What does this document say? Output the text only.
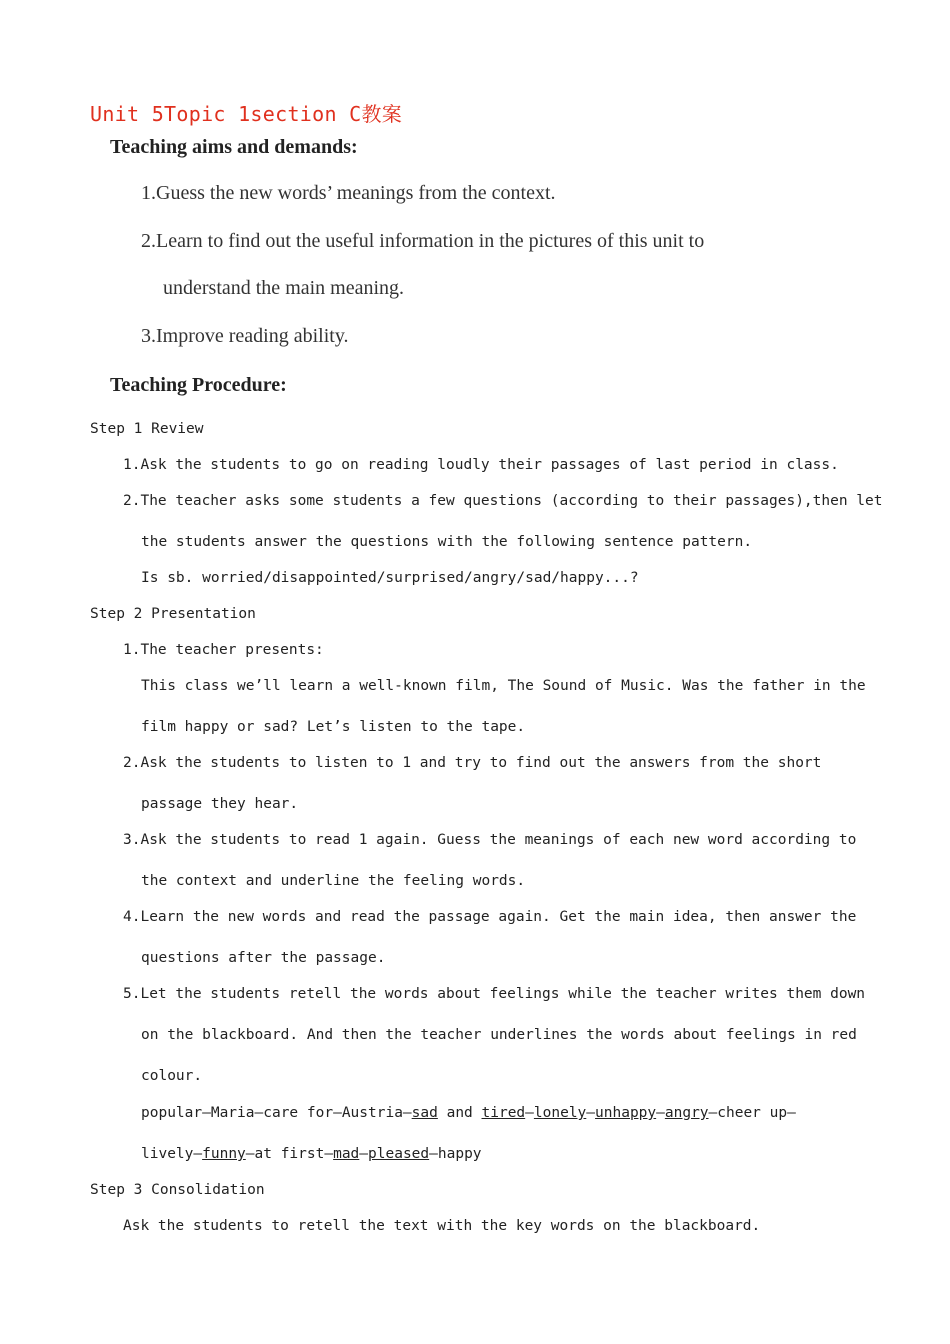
Unit 5Topic 1section C教案
Teaching aims and demands:
1.Guess the new words’ meanings from the context.
2.Learn to find out the useful information in the pictures of this unit to
understand the main meaning.
3.Improve reading ability.
Teaching Procedure:
Step 1 Review
1.Ask the students to go on reading loudly their passages of last period in class.
2.The teacher asks some students a few questions (according to their passages),then let
the students answer the questions with the following sentence pattern.
Is sb. worried/disappointed/surprised/angry/sad/happy...?
Step 2 Presentation
1.The teacher presents:
This class we’ll learn a well-known film, The Sound of Music. Was the father in the
film happy or sad? Let’s listen to the tape.
2.Ask the students to listen to 1 and try to find out the answers from the short
passage they hear.
3.Ask the students to read 1 again. Guess the meanings of each new word according to
the context and underline the feeling words.
4.Learn the new words and read the passage again. Get the main idea, then answer the
questions after the passage.
5.Let the students retell the words about feelings while the teacher writes them down
on the blackboard. And then the teacher underlines the words about feelings in red
colour.
popular—Maria—care for—Austria—sad and tired—lonely—unhappy—angry—cheer up—
lively—funny—at first—mad—pleased—happy
Step 3 Consolidation
Ask the students to retell the text with the key words on the blackboard.
